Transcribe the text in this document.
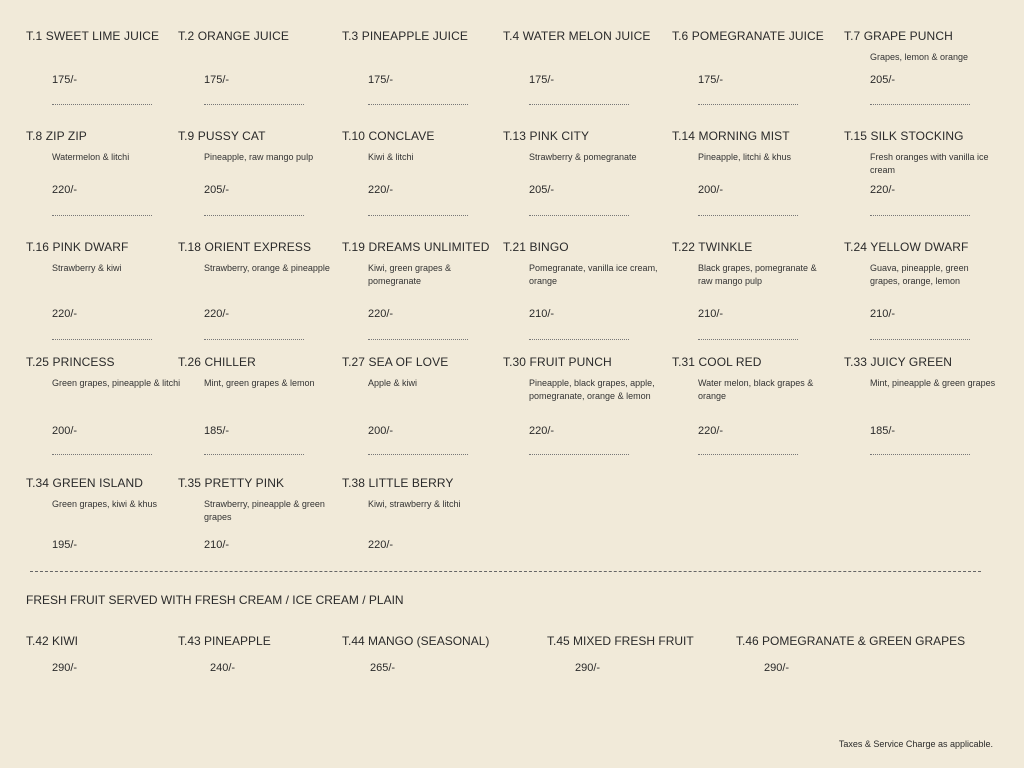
T.1 SWEET LIME JUICE
175/-
T.2 ORANGE JUICE
175/-
T.3 PINEAPPLE JUICE
175/-
T.4 WATER MELON JUICE
175/-
T.6 POMEGRANATE JUICE
175/-
T.7 GRAPE PUNCH
Grapes, lemon & orange
205/-
T.8 ZIP ZIP
Watermelon & litchi
220/-
T.9 PUSSY CAT
Pineapple, raw mango pulp
205/-
T.10 CONCLAVE
Kiwi & litchi
220/-
T.13 PINK CITY
Strawberry & pomegranate
205/-
T.14 MORNING MIST
Pineapple, litchi & khus
200/-
T.15 SILK STOCKING
Fresh oranges with vanilla ice cream
220/-
T.16 PINK DWARF
Strawberry & kiwi
220/-
T.18 ORIENT EXPRESS
Strawberry, orange & pineapple
220/-
T.19 DREAMS UNLIMITED
Kiwi, green grapes & pomegranate
220/-
T.21 BINGO
Pomegranate, vanilla ice cream, orange
210/-
T.22 TWINKLE
Black grapes, pomegranate & raw mango pulp
210/-
T.24 YELLOW DWARF
Guava, pineapple, green grapes, orange, lemon
210/-
T.25 PRINCESS
Green grapes, pineapple & litchi
200/-
T.26 CHILLER
Mint, green grapes & lemon
185/-
T.27 SEA OF LOVE
Apple & kiwi
200/-
T.30 FRUIT PUNCH
Pineapple, black grapes, apple, pomegranate, orange & lemon
220/-
T.31 COOL RED
Water melon, black grapes & orange
220/-
T.33 JUICY GREEN
Mint, pineapple & green grapes
185/-
T.34 GREEN ISLAND
Green grapes, kiwi & khus
195/-
T.35 PRETTY PINK
Strawberry, pineapple & green grapes
210/-
T.38 LITTLE BERRY
Kiwi, strawberry & litchi
220/-
FRESH FRUIT SERVED WITH FRESH CREAM / ICE CREAM / PLAIN
T.42 KIWI
290/-
T.43 PINEAPPLE
240/-
T.44 MANGO (SEASONAL)
265/-
T.45 MIXED FRESH FRUIT
290/-
T.46 POMEGRANATE & GREEN GRAPES
290/-
Taxes & Service Charge as applicable.
